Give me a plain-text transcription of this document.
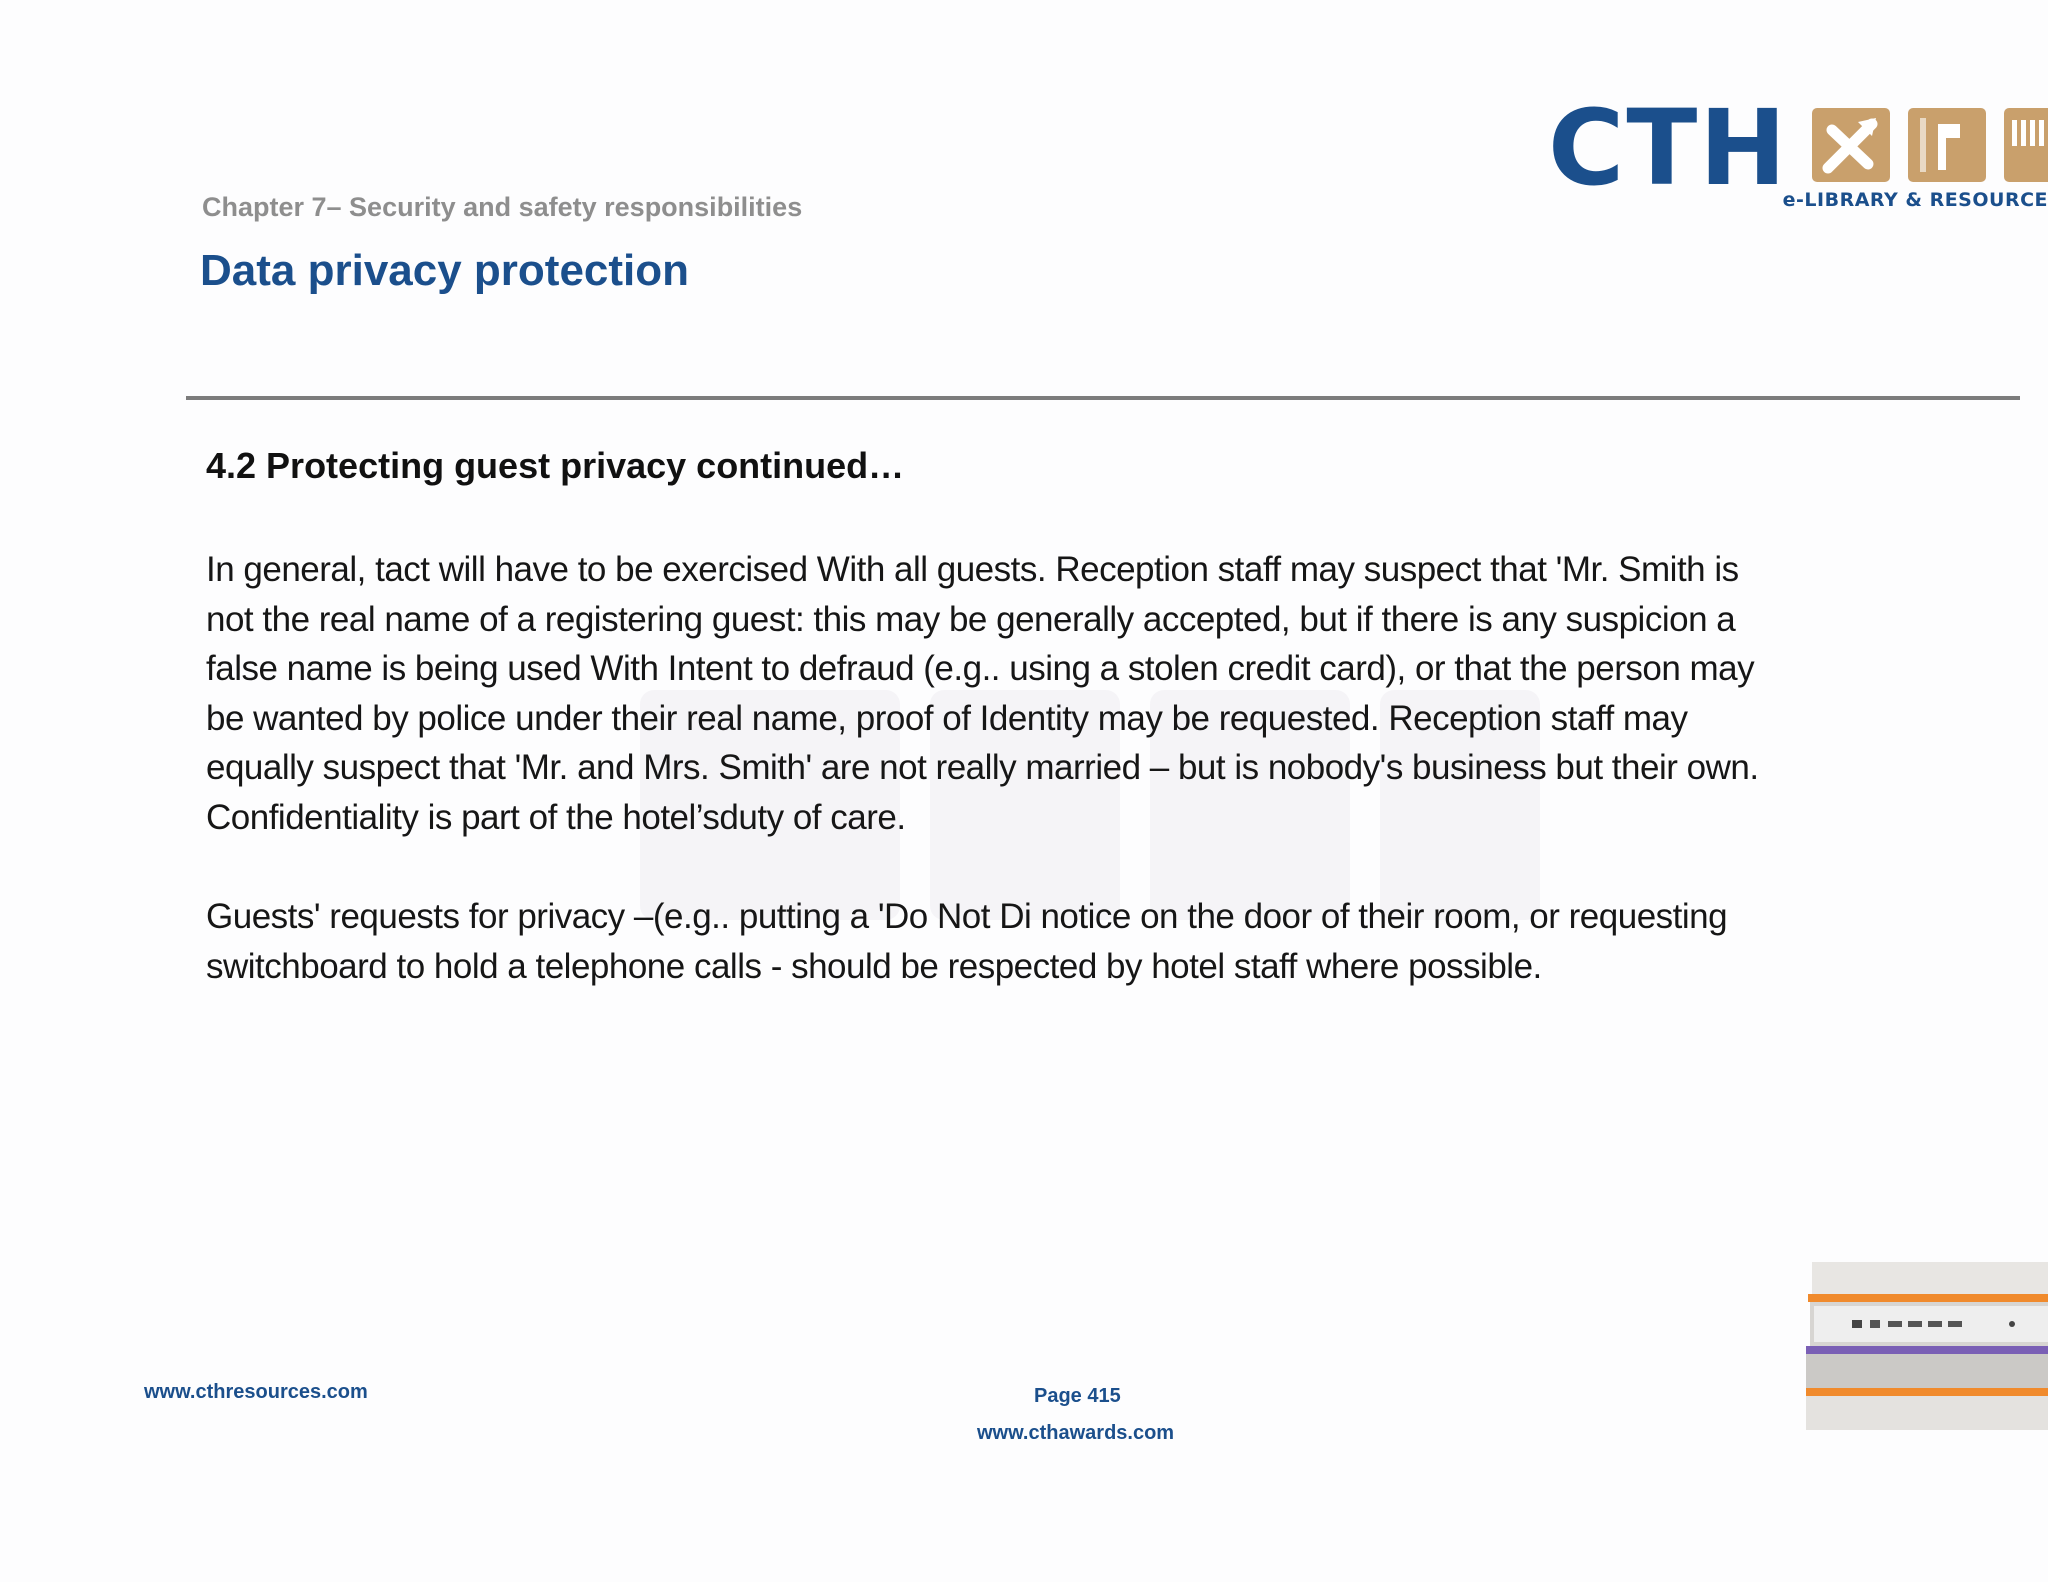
CTH
e-LIBRARY & RESOURCE
Chapter 7– Security and safety responsibilities
Data privacy protection
4.2 Protecting guest privacy continued…
In general, tact will have to be exercised With all guests. Reception staff may suspect that 'Mr. Smith is
not the real name of a registering guest: this may be generally accepted, but if there is any suspicion a
false name is being used With Intent to defraud (e.g.. using a stolen credit card), or that the person may
be wanted by police under their real name, proof of Identity may be requested. Reception staff may
equally suspect that 'Mr. and Mrs. Smith' are not really married – but is nobody's business but their own.
Confidentiality is part of the hotel’sduty of care.
Guests' requests for privacy –(e.g.. putting a 'Do Not Di notice on the door of their room, or requesting
switchboard to hold a telephone calls - should be respected by hotel staff where possible.
www.cthresources.com	Page 415
www.cthawards.com
